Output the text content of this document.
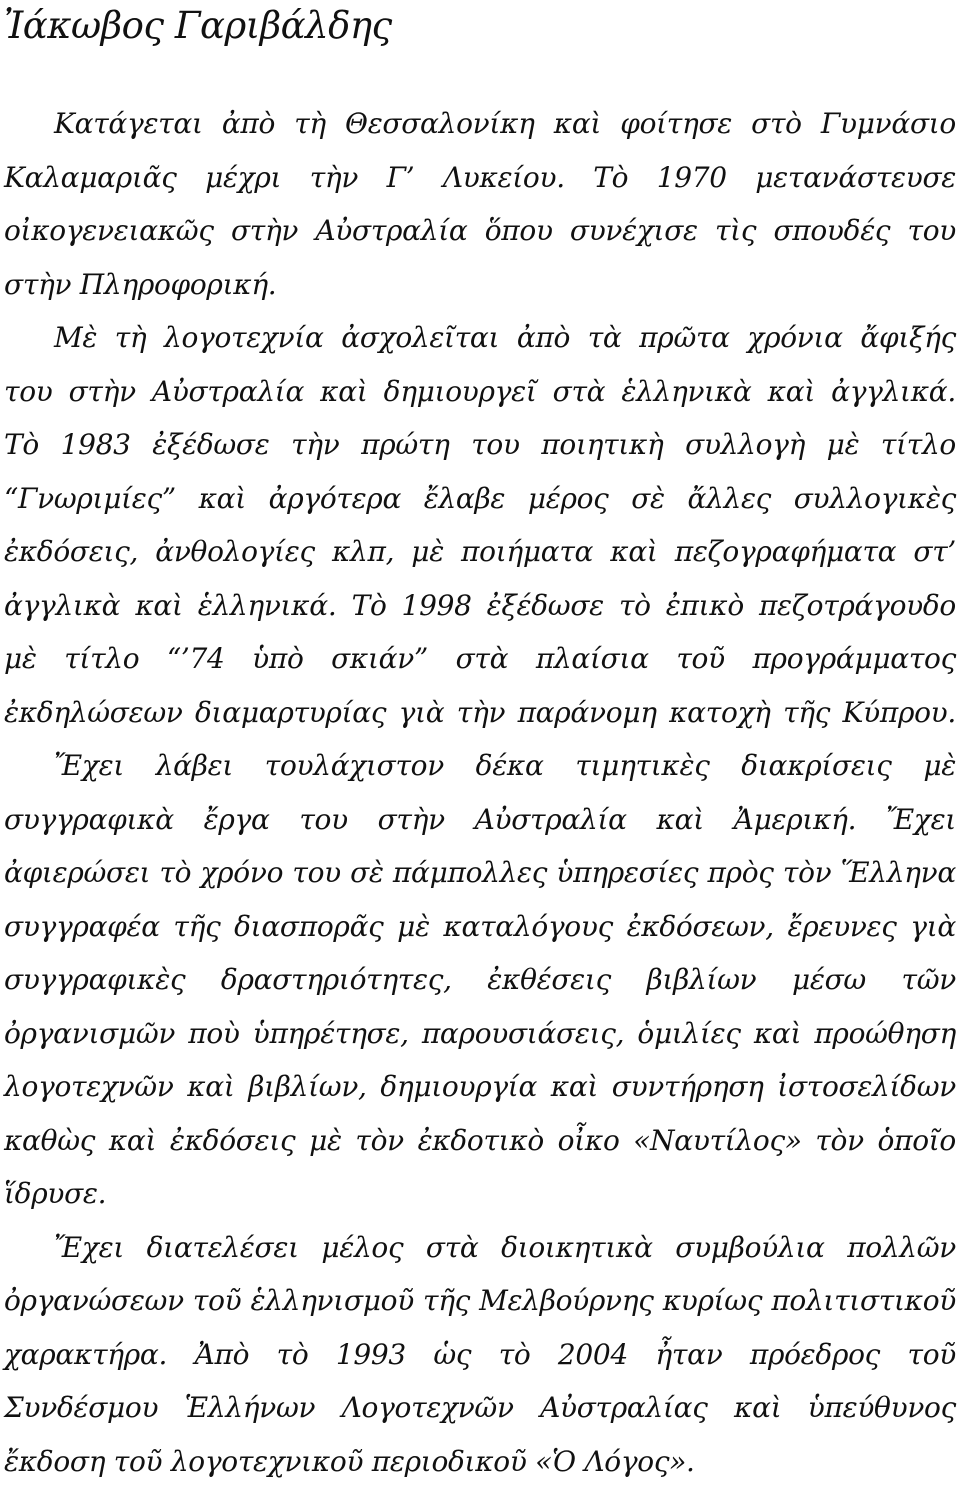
Ἰάκωβος Γαριβάλδης
Κατάγεται ἀπὸ τὴ Θεσσαλονίκη καὶ φοίτησε στὸ Γυμνάσιο
Καλαμαριᾶς μέχρι τὴν Γ’ Λυκείου. Τὸ 1970 μετανάστευσε
οἰκογενειακῶς στὴν Αὐστραλία ὅπου συνέχισε τὶς σπουδές του
στὴν Πληροφορική.
Μὲ τὴ λογοτεχνία ἀσχολεῖται ἀπὸ τὰ πρῶτα χρόνια ἄφιξής
του στὴν Αὐστραλία καὶ δημιουργεῖ στὰ ἑλληνικὰ καὶ ἀγγλικά.
Τὸ 1983 ἐξέδωσε τὴν πρώτη του ποιητικὴ συλλογὴ μὲ τίτλο
“Γνωριμίες” καὶ ἀργότερα ἔλαβε μέρος σὲ ἄλλες συλλογικὲς
ἐκδόσεις, ἀνθολογίες κλπ, μὲ ποιήματα καὶ πεζογραφήματα στ’
ἀγγλικὰ καὶ ἑλληνικά. Τὸ 1998 ἐξέδωσε τὸ ἐπικὸ πεζοτράγουδο
μὲ τίτλο “’74 ὑπὸ σκιάν” στὰ πλαίσια τοῦ προγράμματος
ἐκδηλώσεων διαμαρτυρίας γιὰ τὴν παράνομη κατοχὴ τῆς Κύπρου.
Ἔχει λάβει τουλάχιστον δέκα τιμητικὲς διακρίσεις μὲ
συγγραφικὰ ἔργα του στὴν Αὐστραλία καὶ Ἀμερική. Ἔχει
ἀφιερώσει τὸ χρόνο του σὲ πάμπολλες ὑπηρεσίες πρὸς τὸν Ἕλληνα
συγγραφέα τῆς διασπορᾶς μὲ καταλόγους ἐκδόσεων, ἔρευνες γιὰ
συγγραφικὲς δραστηριότητες, ἐκθέσεις βιβλίων μέσω τῶν
ὀργανισμῶν ποὺ ὑπηρέτησε, παρουσιάσεις, ὁμιλίες καὶ προώθηση
λογοτεχνῶν καὶ βιβλίων, δημιουργία καὶ συντήρηση ἰστοσελίδων
καθὼς καὶ ἐκδόσεις μὲ τὸν ἐκδοτικὸ οἶκο «Ναυτίλος» τὸν ὁποῖο
ἵδρυσε.
Ἔχει διατελέσει μέλος στὰ διοικητικὰ συμβούλια πολλῶν
ὀργανώσεων τοῦ ἑλληνισμοῦ τῆς Μελβούρνης κυρίως πολιτιστικοῦ
χαρακτήρα. Ἀπὸ τὸ 1993 ὡς τὸ 2004 ἦταν πρόεδρος τοῦ
Συνδέσμου Ἑλλήνων Λογοτεχνῶν Αὐστραλίας καὶ ὑπεύθυνος
ἔκδοση τοῦ λογοτεχνικοῦ περιοδικοῦ «Ὁ Λόγος».
